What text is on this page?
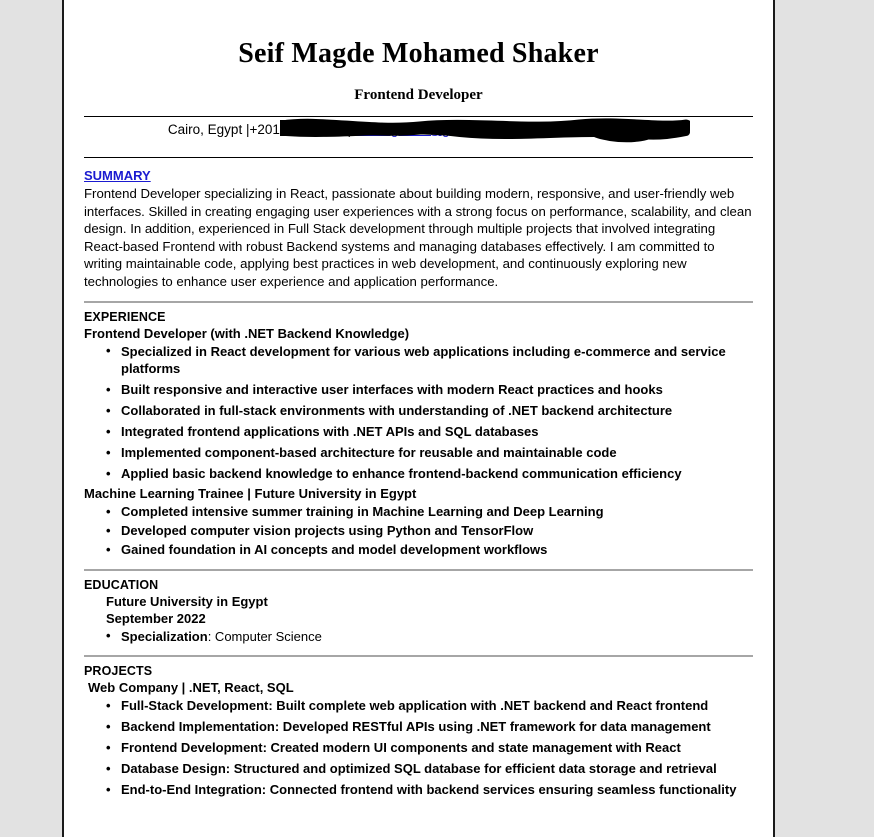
Seif Magde Mohamed Shaker
Frontend Developer
Cairo, Egypt |+201456554847|seifmagde18@gmail.com|linkedin.com/in/Seif-Magde
SUMMARY

Frontend Developer specializing in React, passionate about building modern, responsive, and user-friendly web interfaces. Skilled in creating engaging user experiences with a strong focus on performance, scalability, and clean design. In addition, experienced in Full Stack development through multiple projects that involved integrating React-based Frontend with robust Backend systems and managing databases effectively. I am committed to writing maintainable code, applying best practices in web development, and continuously exploring new technologies to enhance user experience and application performance.

EXPERIENCE
Frontend Developer (with .NET Backend Knowledge)
• Specialized in React development for various web applications including e-commerce and service platforms
• Built responsive and interactive user interfaces with modern React practices and hooks
• Collaborated in full-stack environments with understanding of .NET backend architecture
• Integrated frontend applications with .NET APIs and SQL databases
• Implemented component-based architecture for reusable and maintainable code
• Applied basic backend knowledge to enhance frontend-backend communication efficiency
Machine Learning Trainee | Future University in Egypt
• Completed intensive summer training in Machine Learning and Deep Learning
• Developed computer vision projects using Python and TensorFlow
• Gained foundation in AI concepts and model development workflows
EDUCATION
Future University in Egypt
September 2022
• Specialization: Computer Science
PROJECTS
Web Company | .NET, React, SQL
• Full-Stack Development: Built complete web application with .NET backend and React frontend
• Backend Implementation: Developed RESTful APIs using .NET framework for data management
• Frontend Development: Created modern UI components and state management with React
• Database Design: Structured and optimized SQL database for efficient data storage and retrieval
• End-to-End Integration: Connected frontend with backend services ensuring seamless functionality
